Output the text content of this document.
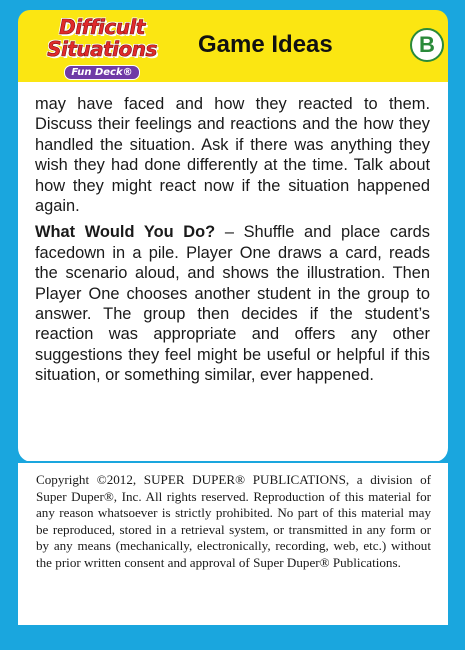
Difficult
Situations
Fun Deck®
Game Ideas	B

may have faced and how they reacted to them. Discuss their feelings and reactions and the how they handled the situation. Ask if there was anything they wish they had done differently at the time. Talk about how they might react now if the situation happened again.

What Would You Do? – Shuffle and place cards facedown in a pile. Player One draws a card, reads the scenario aloud, and shows the illustration. Then Player One chooses another student in the group to answer. The group then decides if the student’s reaction was appropriate and offers any other suggestions they feel might be useful or helpful if this situation, or something similar, ever happened.

Copyright ©2012, SUPER DUPER® PUBLICATIONS, a division of Super Duper®, Inc. All rights reserved. Reproduction of this material for any reason whatsoever is strictly prohibited. No part of this material may be reproduced, stored in a retrieval system, or transmitted in any form or by any means (mechanically, electronically, recording, web, etc.) without the prior written consent and approval of Super Duper® Publications.
